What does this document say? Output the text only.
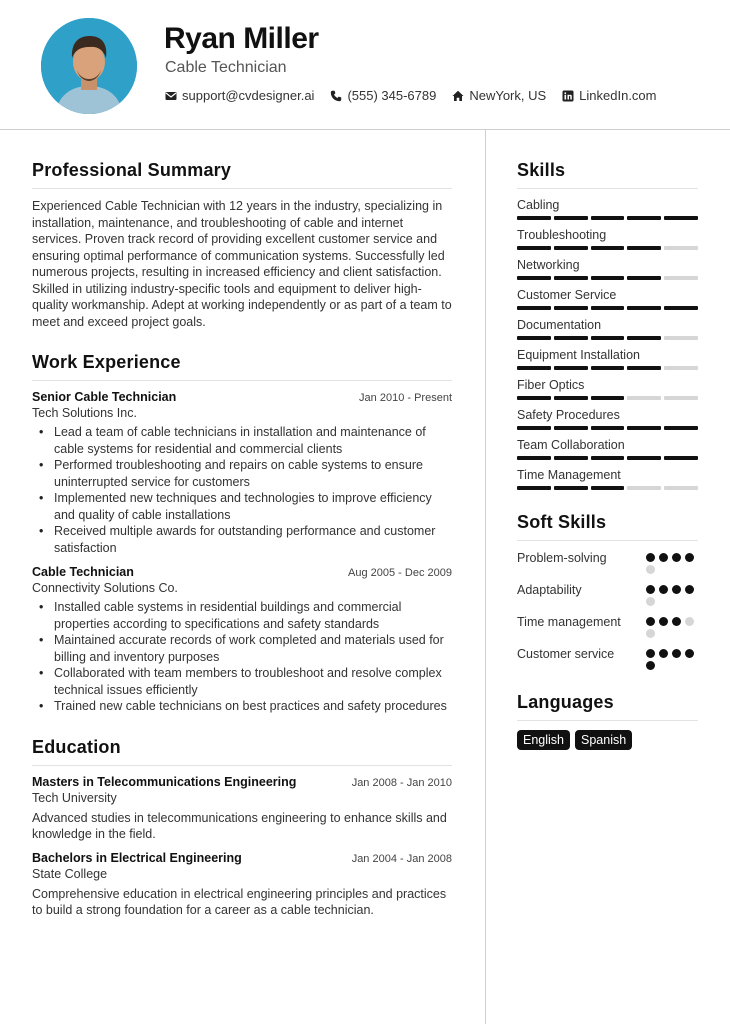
Ryan Miller
Cable Technician
support@cvdesigner.ai	(555) 345-6789	NewYork, US	LinkedIn.com
Professional Summary
Experienced Cable Technician with 12 years in the industry, specializing in installation, maintenance, and troubleshooting of cable and internet services. Proven track record of providing excellent customer service and ensuring optimal performance of communication systems. Successfully led numerous projects, resulting in increased efficiency and client satisfaction. Skilled in utilizing industry-specific tools and equipment to deliver high-quality workmanship. Adept at working independently or as part of a team to meet and exceed project goals.
Work Experience
Senior Cable Technician	Jan 2010 - Present
Tech Solutions Inc.
• Lead a team of cable technicians in installation and maintenance of cable systems for residential and commercial clients
• Performed troubleshooting and repairs on cable systems to ensure uninterrupted service for customers
• Implemented new techniques and technologies to improve efficiency and quality of cable installations
• Received multiple awards for outstanding performance and customer satisfaction
Cable Technician	Aug 2005 - Dec 2009
Connectivity Solutions Co.
• Installed cable systems in residential buildings and commercial properties according to specifications and safety standards
• Maintained accurate records of work completed and materials used for billing and inventory purposes
• Collaborated with team members to troubleshoot and resolve complex technical issues efficiently
• Trained new cable technicians on best practices and safety procedures
Education
Masters in Telecommunications Engineering	Jan 2008 - Jan 2010
Tech University
Advanced studies in telecommunications engineering to enhance skills and knowledge in the field.
Bachelors in Electrical Engineering	Jan 2004 - Jan 2008
State College
Comprehensive education in electrical engineering principles and practices to build a strong foundation for a career as a cable technician.
Skills
Cabling
Troubleshooting
Networking
Customer Service
Documentation
Equipment Installation
Fiber Optics
Safety Procedures
Team Collaboration
Time Management
Soft Skills
Problem-solving
Adaptability
Time management
Customer service
Languages
English	Spanish
